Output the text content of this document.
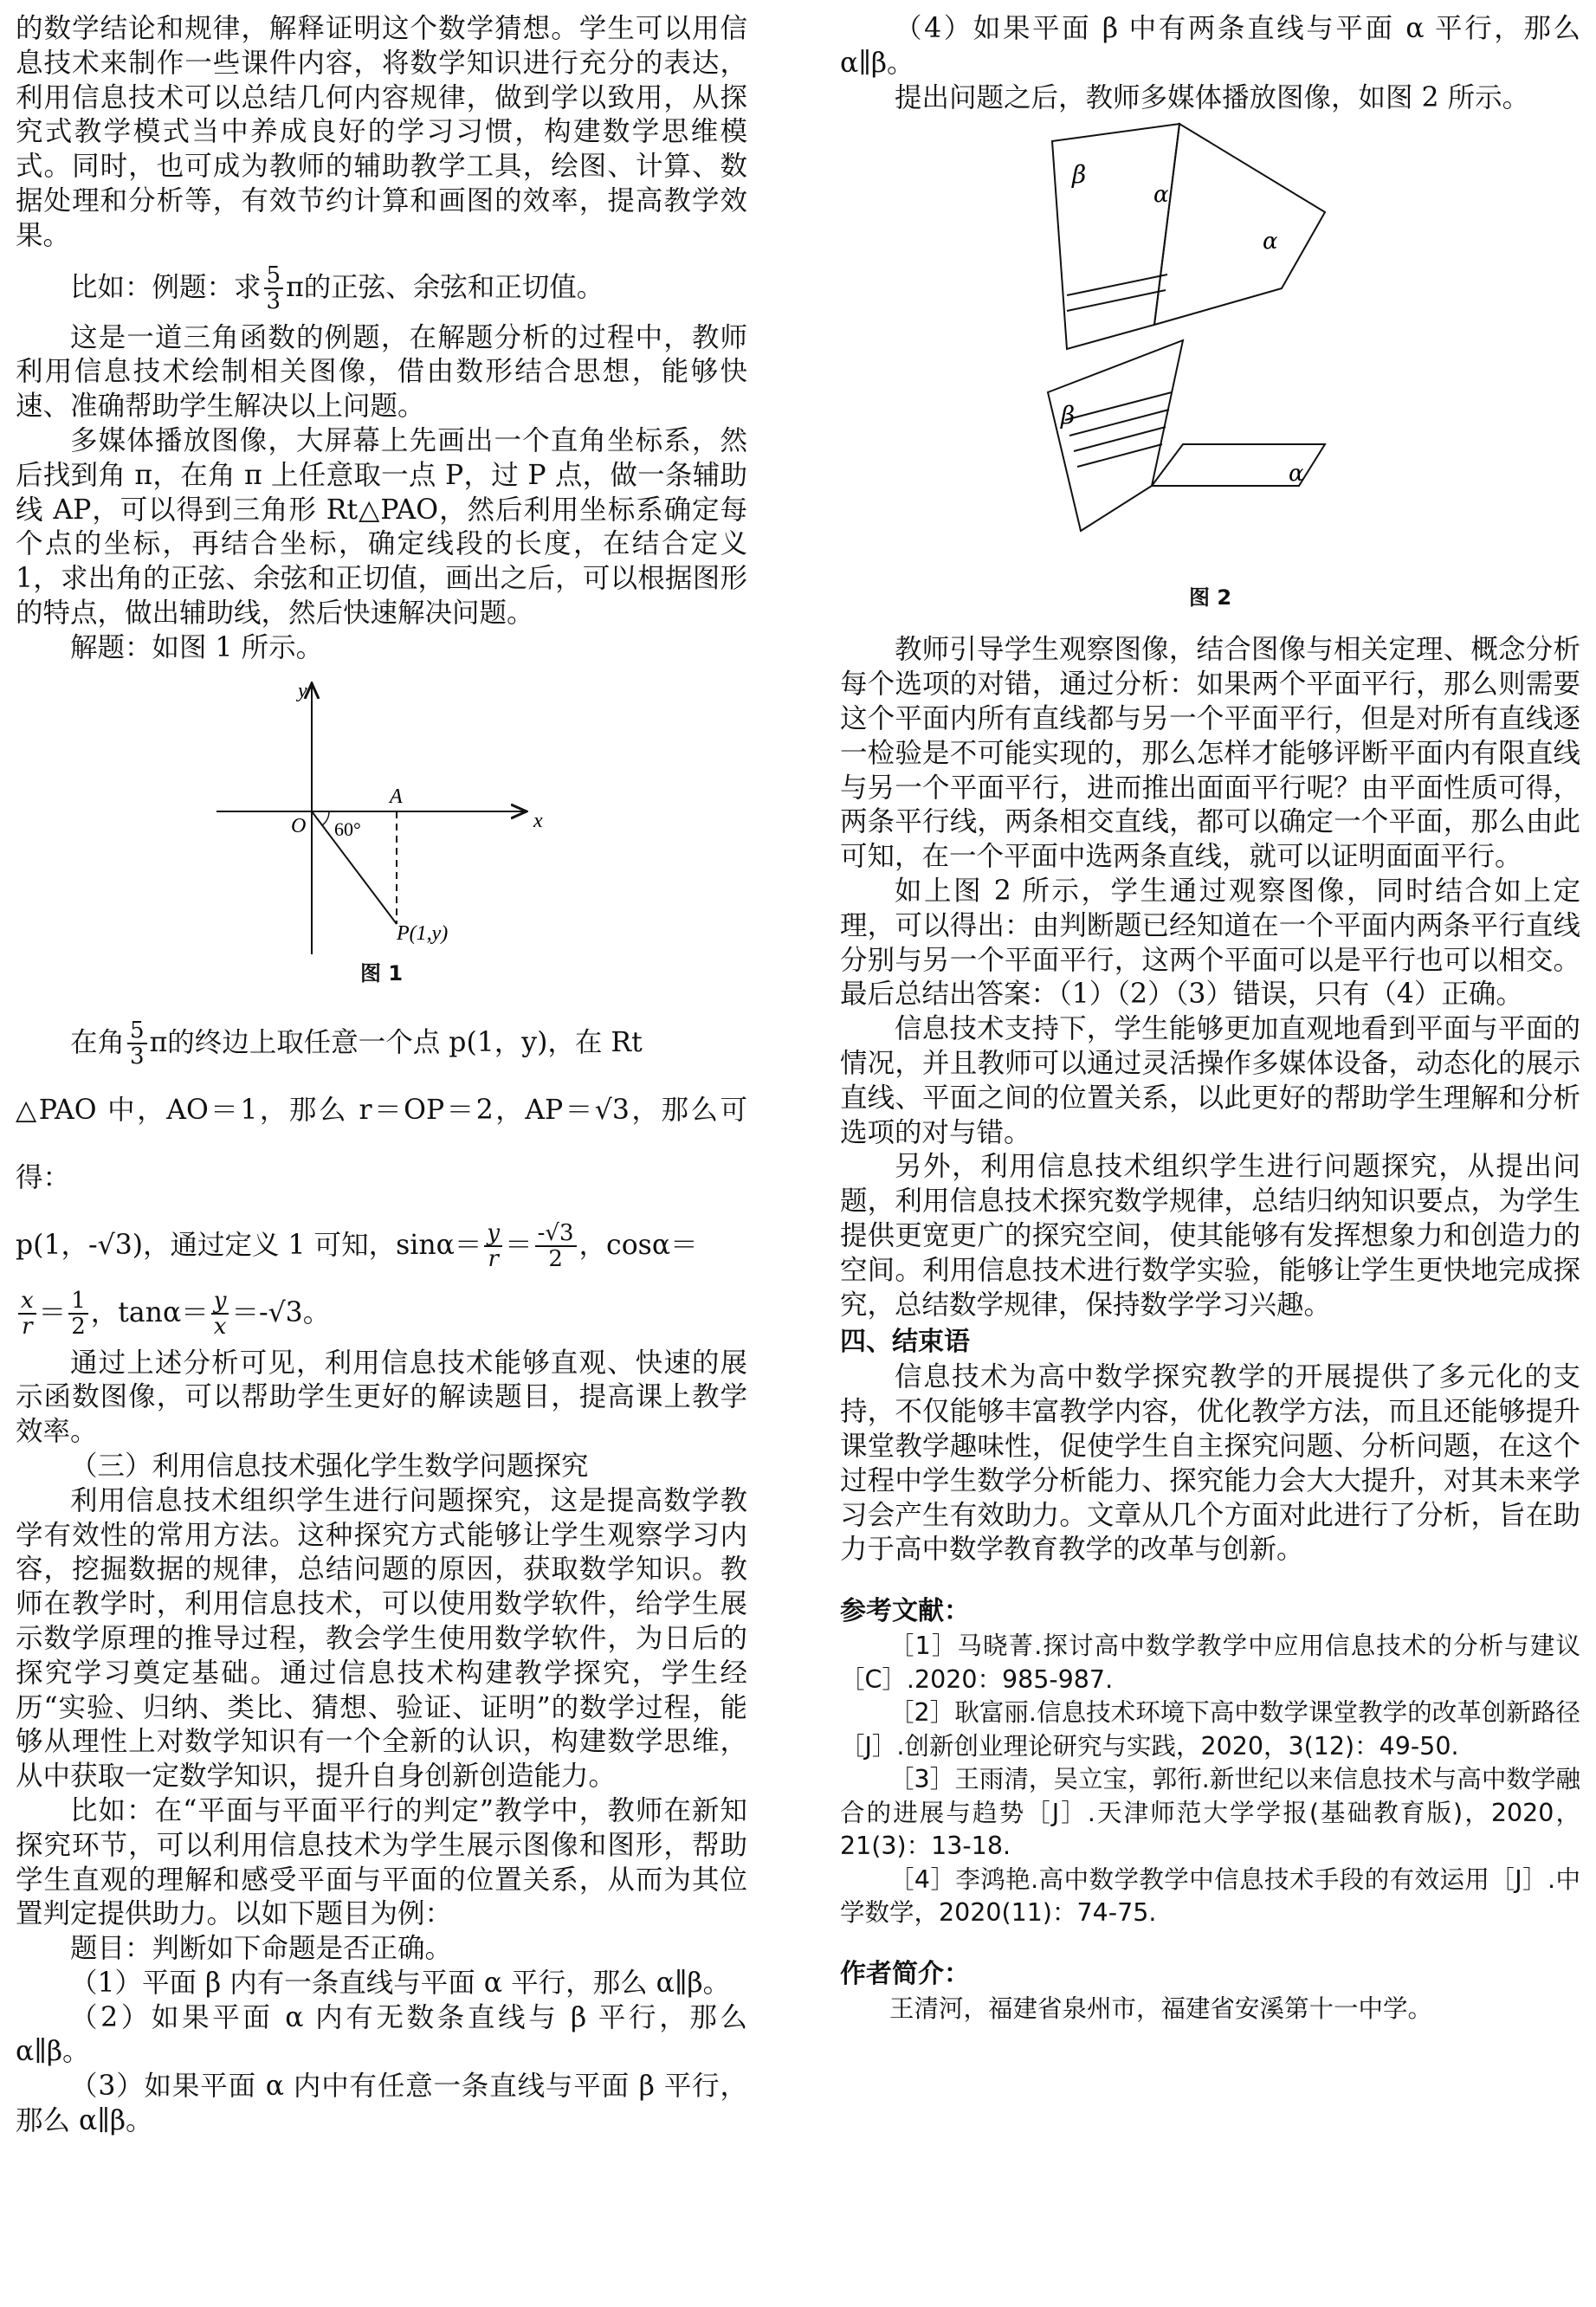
的数学结论和规律，解释证明这个数学猜想。学生可以用信息技术来制作一些课件内容，将数学知识进行充分的表达，利用信息技术可以总结几何内容规律，做到学以致用，从探究式教学模式当中养成良好的学习习惯，构建数学思维模式。同时，也可成为教师的辅助教学工具，绘图、计算、数据处理和分析等，有效节约计算和画图的效率，提高教学效果。

比如：例题：求 $\frac{5}{3}$ π的正弦、余弦和正切值。

这是一道三角函数的例题，在解题分析的过程中，教师利用信息技术绘制相关图像，借由数形结合思想，能够快速、准确帮助学生解决以上问题。

多媒体播放图像，大屏幕上先画出一个直角坐标系，然后找到角 π，在角 π 上任意取一点 P，过 P 点，做一条辅助线 AP，可以得到三角形 Rt△PAO，然后利用坐标系确定每个点的坐标，再结合坐标，确定线段的长度，在结合定义 1，求出角的正弦、余弦和正切值，画出之后，可以根据图形的特点，做出辅助线，然后快速解决问题。

解题：如图 1 所示。

y
x
O
A
60°
P(1,y)
图 1

在角 $\frac{5}{3}$ π的终边上取任意一个点 p(1，y)，在 Rt

△PAO 中，AO＝1，那么 r＝OP＝2，AP＝√3，那么可得：

p(1，-√3)，通过定义 1 可知，$\sin\alpha= \frac{y}{r} = \frac{-√3}{2}$ ，cosα＝

$\frac{x}{r} = \frac{1}{2}$ ，$\tan\alpha= \frac{y}{x} =-√3$。

通过上述分析可见，利用信息技术能够直观、快速的展示函数图像，可以帮助学生更好的解读题目，提高课上教学效率。

（三）利用信息技术强化学生数学问题探究

利用信息技术组织学生进行问题探究，这是提高数学教学有效性的常用方法。这种探究方式能够让学生观察学习内容，挖掘数据的规律，总结问题的原因，获取数学知识。教师在教学时，利用信息技术，可以使用数学软件，给学生展示数学原理的推导过程，教会学生使用数学软件，为日后的探究学习奠定基础。通过信息技术构建教学探究，学生经历“实验、归纳、类比、猜想、验证、证明”的数学过程，能够从理性上对数学知识有一个全新的认识，构建数学思维，从中获取一定数学知识，提升自身创新创造能力。

比如：在“平面与平面平行的判定”教学中，教师在新知探究环节，可以利用信息技术为学生展示图像和图形，帮助学生直观的理解和感受平面与平面的位置关系，从而为其位置判定提供助力。以如下题目为例：

题目：判断如下命题是否正确。

（1）平面 β 内有一条直线与平面 α 平行，那么 α∥β。

（2）如果平面 α 内有无数条直线与 β 平行，那么 α∥β。

（3）如果平面 α 内中有任意一条直线与平面 β 平行，那么 α∥β。

（4）如果平面 β 中有两条直线与平面 α 平行，那么 α∥β。

提出问题之后，教师多媒体播放图像，如图 2 所示。

β
α
α
β
α
图 2

教师引导学生观察图像，结合图像与相关定理、概念分析每个选项的对错，通过分析：如果两个平面平行，那么则需要这个平面内所有直线都与另一个平面平行，但是对所有直线逐一检验是不可能实现的，那么怎样才能够评断平面内有限直线与另一个平面平行，进而推出面面平行呢？由平面性质可得，两条平行线，两条相交直线，都可以确定一个平面，那么由此可知，在一个平面中选两条直线，就可以证明面面平行。

如上图 2 所示，学生通过观察图像，同时结合如上定理，可以得出：由判断题已经知道在一个平面内两条平行直线分别与另一个平面平行，这两个平面可以是平行也可以相交。最后总结出答案：（1）（2）（3）错误，只有（4）正确。

信息技术支持下，学生能够更加直观地看到平面与平面的情况，并且教师可以通过灵活操作多媒体设备，动态化的展示直线、平面之间的位置关系，以此更好的帮助学生理解和分析选项的对与错。

另外，利用信息技术组织学生进行问题探究，从提出问题，利用信息技术探究数学规律，总结归纳知识要点，为学生提供更宽更广的探究空间，使其能够有发挥想象力和创造力的空间。利用信息技术进行数学实验，能够让学生更快地完成探究，总结数学规律，保持数学学习兴趣。

四、结束语

信息技术为高中数学探究教学的开展提供了多元化的支持，不仅能够丰富教学内容，优化教学方法，而且还能够提升课堂教学趣味性，促使学生自主探究问题、分析问题，在这个过程中学生数学分析能力、探究能力会大大提升，对其未来学习会产生有效助力。文章从几个方面对此进行了分析，旨在助力于高中数学教育教学的改革与创新。

参考文献：

［1］马晓菁.探讨高中数学教学中应用信息技术的分析与建议［C］.2020：985-987.

［2］耿富丽.信息技术环境下高中数学课堂教学的改革创新路径［J］.创新创业理论研究与实践，2020，3(12)：49-50.

［3］王雨清，吴立宝，郭衎.新世纪以来信息技术与高中数学融合的进展与趋势［J］.天津师范大学学报(基础教育版)，2020，21(3)：13-18.

［4］李鸿艳.高中数学教学中信息技术手段的有效运用［J］.中学数学，2020(11)：74-75.

作者简介：

王清河，福建省泉州市，福建省安溪第十一中学。
